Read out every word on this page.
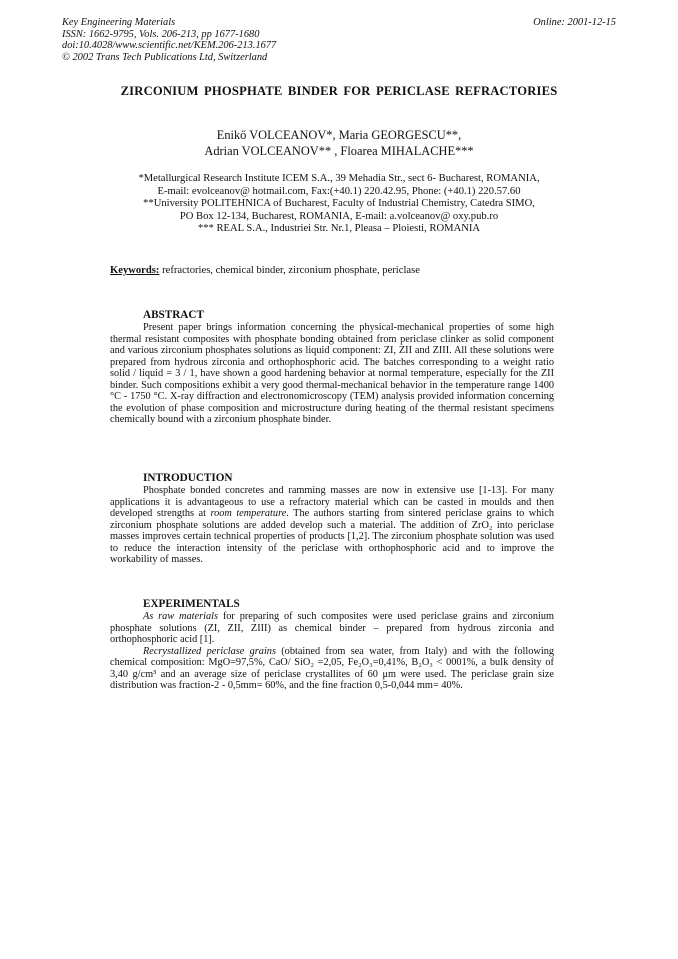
Key Engineering Materials
ISSN: 1662-9795, Vols. 206-213, pp 1677-1680
doi:10.4028/www.scientific.net/KEM.206-213.1677
© 2002 Trans Tech Publications Ltd, Switzerland
Online: 2001-12-15
ZIRCONIUM PHOSPHATE BINDER FOR PERICLASE REFRACTORIES
Enikő VOLCEANOV*, Maria GEORGESCU**,
Adrian VOLCEANOV** , Floarea MIHALACHE***
*Metallurgical Research Institute ICEM S.A., 39 Mehadia Str., sect 6- Bucharest, ROMANIA,
E-mail: evolceanov@ hotmail.com, Fax:(+40.1) 220.42.95, Phone: (+40.1) 220.57.60
**University POLITEHNICA of Bucharest, Faculty of Industrial Chemistry, Catedra SIMO,
PO Box 12-134, Bucharest, ROMANIA, E-mail: a.volceanov@ oxy.pub.ro
*** REAL S.A., Industriei Str. Nr.1, Pleasa – Ploiesti, ROMANIA
Keywords: refractories, chemical binder, zirconium phosphate, periclase
ABSTRACT

Present paper brings information concerning the physical-mechanical properties of some high thermal resistant composites with phosphate bonding obtained from periclase clinker as solid component and various zirconium phosphates solutions as liquid component: ZI, ZII and ZIII. All these solutions were prepared from hydrous zirconia and orthophosphoric acid. The batches corresponding to a weight ratio solid / liquid = 3 / 1, have shown a good hardening behavior at normal temperature, especially for the ZII binder. Such compositions exhibit a very good thermal-mechanical behavior in the temperature range 1400 °C - 1750 °C. X-ray diffraction and electronomicroscopy (TEM) analysis provided information concerning the evolution of phase composition and microstructure during heating of the thermal resistant specimens chemically bound with a zirconium phosphate binder.

INTRODUCTION

Phosphate bonded concretes and ramming masses are now in extensive use [1-13]. For many applications it is advantageous to use a refractory material which can be casted in moulds and then developed strengths at room temperature. The authors starting from sintered periclase grains to which zirconium phosphate solutions are added develop such a material. The addition of ZrO₂ into periclase masses improves certain technical properties of products [1,2]. The zirconium phosphate solution was used to reduce the interaction intensity of the periclase with orthophosphoric acid and to improve the workability of masses.

EXPERIMENTALS

As raw materials for preparing of such composites were used periclase grains and zirconium phosphate solutions (ZI, ZII, ZIII) as chemical binder – prepared from hydrous zirconia and orthophosphoric acid [1].

Recrystallized periclase grains (obtained from sea water, from Italy) and with the following chemical composition: MgO=97,5%, CaO/ SiO₂ =2,05, Fe₂O₃=0,41%, B₂O₃ < 0001%, a bulk density of 3,40 g/cm³ and an average size of periclase crystallites of 60 μm were used. The periclase grain size distribution was fraction-2 - 0,5mm= 60%, and the fine fraction 0,5-0,044 mm= 40%.
